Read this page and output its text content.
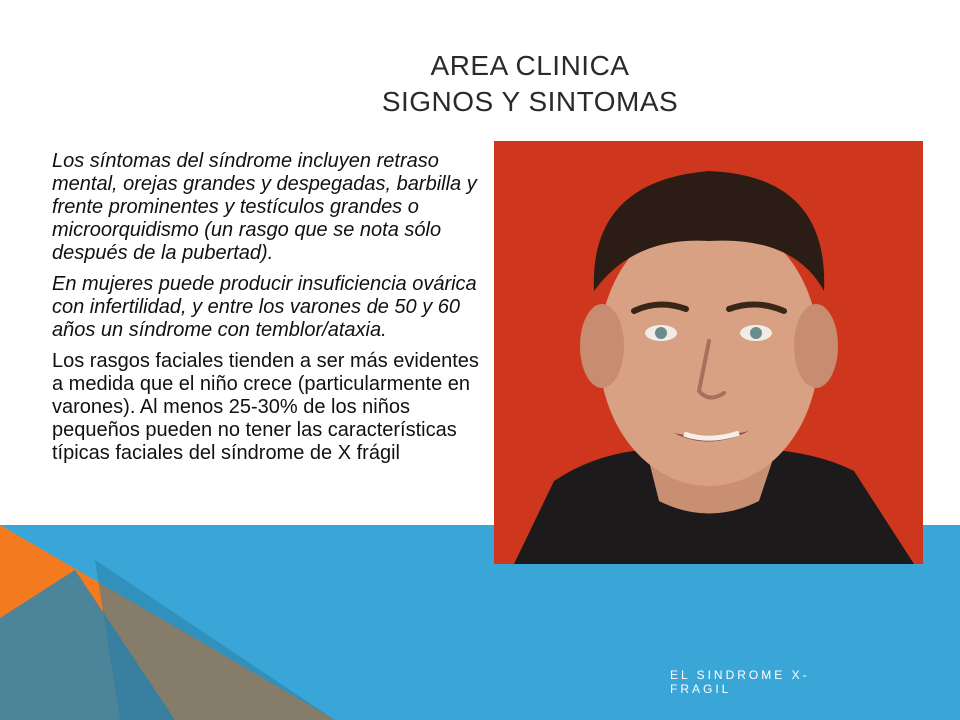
AREA CLINICA
SIGNOS Y SINTOMAS

Los síntomas del síndrome incluyen retraso mental, orejas grandes y despegadas, barbilla y frente prominentes y testículos grandes o microorquidismo (un rasgo que se nota sólo después de la pubertad).

En mujeres puede producir insuficiencia ovárica con infertilidad, y entre los varones de 50 y 60 años un síndrome con temblor/ataxia.

Los rasgos faciales tienden a ser más evidentes a medida que el niño crece (particularmente en varones). Al menos 25-30% de los niños pequeños pueden no tener las características típicas faciales del síndrome de X frágil

EL SINDROME X-FRAGIL
